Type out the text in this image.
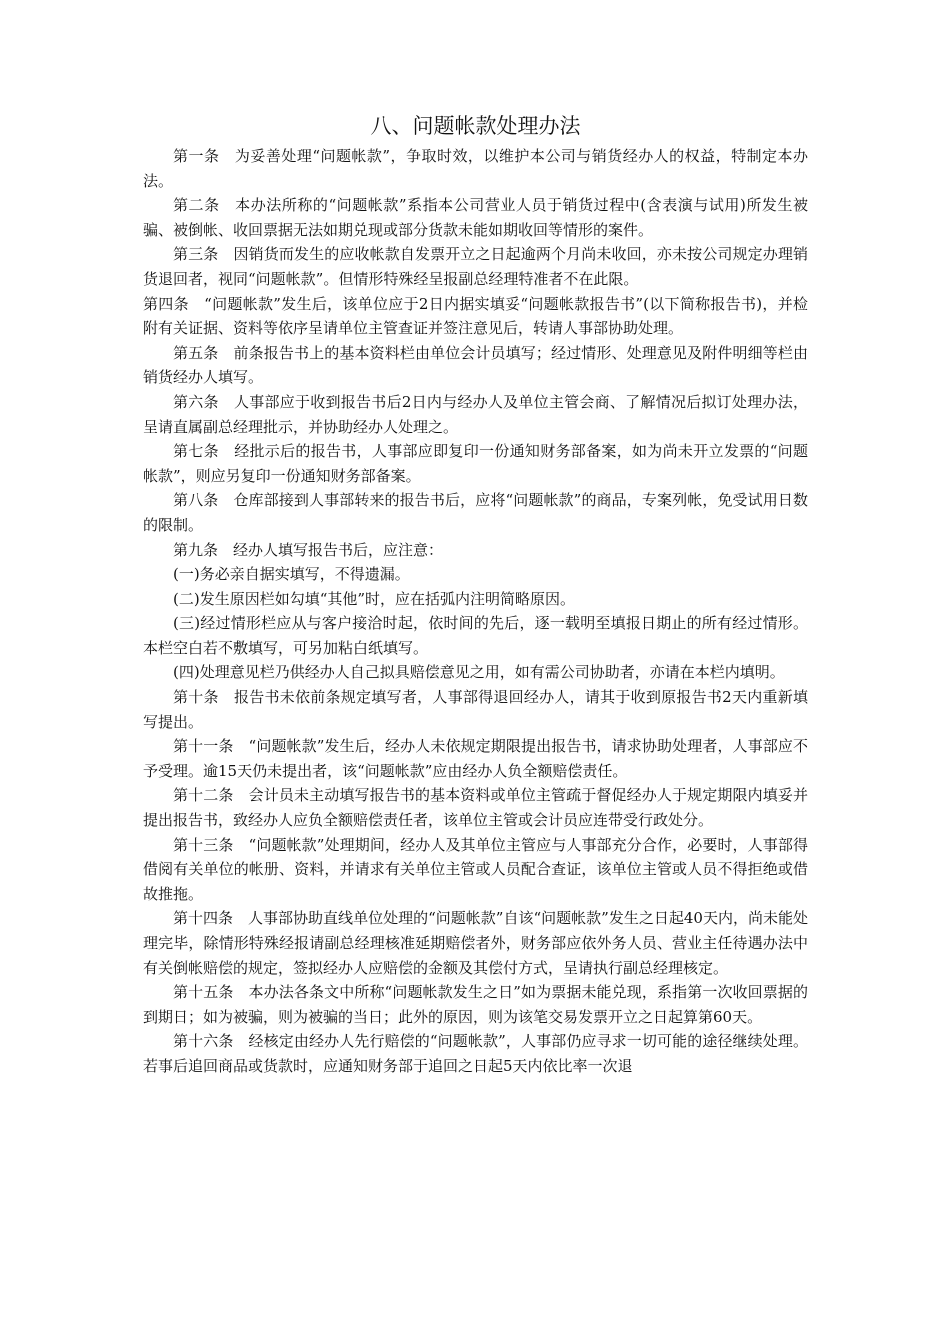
八、问题帐款处理办法

第一条　为妥善处理“问题帐款”，争取时效，以维护本公司与销货经办人的权益，特制定本办法。

第二条　本办法所称的“问题帐款”系指本公司营业人员于销货过程中(含表演与试用)所发生被骗、被倒帐、收回票据无法如期兑现或部分货款未能如期收回等情形的案件。

第三条　因销货而发生的应收帐款自发票开立之日起逾两个月尚未收回，亦未按公司规定办理销货退回者，视同“问题帐款”。但情形特殊经呈报副总经理特准者不在此限。

第四条　“问题帐款”发生后，该单位应于2日内据实填妥“问题帐款报告书”(以下简称报告书)，并检附有关证据、资料等依序呈请单位主管查证并签注意见后，转请人事部协助处理。

第五条　前条报告书上的基本资料栏由单位会计员填写；经过情形、处理意见及附件明细等栏由销货经办人填写。

第六条　人事部应于收到报告书后2日内与经办人及单位主管会商、了解情况后拟订处理办法，呈请直属副总经理批示，并协助经办人处理之。

第七条　经批示后的报告书，人事部应即复印一份通知财务部备案，如为尚未开立发票的“问题帐款”，则应另复印一份通知财务部备案。

第八条　仓库部接到人事部转来的报告书后，应将“问题帐款”的商品，专案列帐，免受试用日数的限制。

第九条　经办人填写报告书后，应注意：

(一)务必亲自据实填写，不得遗漏。

(二)发生原因栏如勾填“其他”时，应在括弧内注明简略原因。

(三)经过情形栏应从与客户接洽时起，依时间的先后，逐一载明至填报日期止的所有经过情形。本栏空白若不敷填写，可另加粘白纸填写。

(四)处理意见栏乃供经办人自己拟具赔偿意见之用，如有需公司协助者，亦请在本栏内填明。

第十条　报告书未依前条规定填写者，人事部得退回经办人，请其于收到原报告书2天内重新填写提出。

第十一条　“问题帐款”发生后，经办人未依规定期限提出报告书，请求协助处理者，人事部应不予受理。逾15天仍未提出者，该“问题帐款”应由经办人负全额赔偿责任。

第十二条　会计员未主动填写报告书的基本资料或单位主管疏于督促经办人于规定期限内填妥并提出报告书，致经办人应负全额赔偿责任者，该单位主管或会计员应连带受行政处分。

第十三条　“问题帐款”处理期间，经办人及其单位主管应与人事部充分合作，必要时，人事部得借阅有关单位的帐册、资料，并请求有关单位主管或人员配合查证，该单位主管或人员不得拒绝或借故推拖。

第十四条　人事部协助直线单位处理的“问题帐款”自该“问题帐款”发生之日起40天内，尚未能处理完毕，除情形特殊经报请副总经理核准延期赔偿者外，财务部应依外务人员、营业主任待遇办法中有关倒帐赔偿的规定，签拟经办人应赔偿的金额及其偿付方式，呈请执行副总经理核定。

第十五条　本办法各条文中所称“问题帐款发生之日”如为票据未能兑现，系指第一次收回票据的到期日；如为被骗，则为被骗的当日；此外的原因，则为该笔交易发票开立之日起算第60天。

第十六条　经核定由经办人先行赔偿的“问题帐款”，人事部仍应寻求一切可能的途径继续处理。若事后追回商品或货款时，应通知财务部于追回之日起5天内依比率一次退
